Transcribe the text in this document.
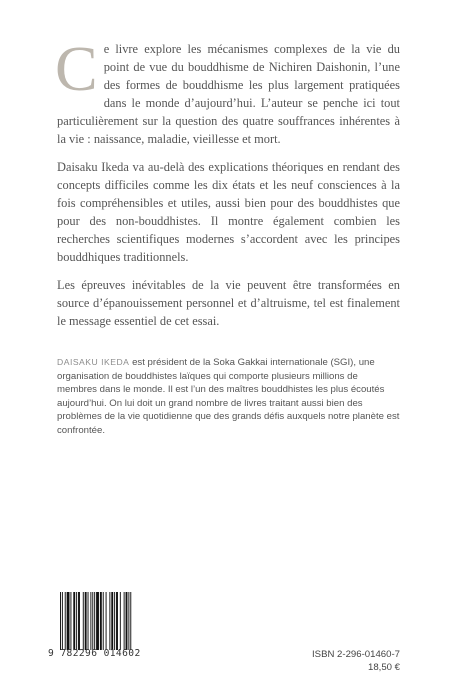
Ce livre explore les mécanismes complexes de la vie du point de vue du bouddhisme de Nichiren Daishonin, l’une des formes de bouddhisme les plus largement pratiquées dans le monde d’aujourd’hui. L’auteur se penche ici tout particulièrement sur la question des quatre souffrances inhérentes à la vie : naissance, maladie, vieillesse et mort.

Daisaku Ikeda va au-delà des explications théoriques en rendant des concepts difficiles comme les dix états et les neuf consciences à la fois compréhensibles et utiles, aussi bien pour des bouddhistes que pour des non-bouddhistes. Il montre également combien les recherches scientifiques modernes s’accordent avec les principes bouddhiques traditionnels.

Les épreuves inévitables de la vie peuvent être transformées en source d’épanouissement personnel et d’altruisme, tel est finalement le message essentiel de cet essai.

DAISAKU IKEDA est président de la Soka Gakkai internationale (SGI), une organisation de bouddhistes laïques qui comporte plusieurs millions de membres dans le monde. Il est l’un des maîtres bouddhistes les plus écoutés aujourd’hui. On lui doit un grand nombre de livres traitant aussi bien des problèmes de la vie quotidienne que des grands défis auxquels notre planète est confrontée.
9 782296 014602	ISBN 2-296-01460-7
18,50 €
